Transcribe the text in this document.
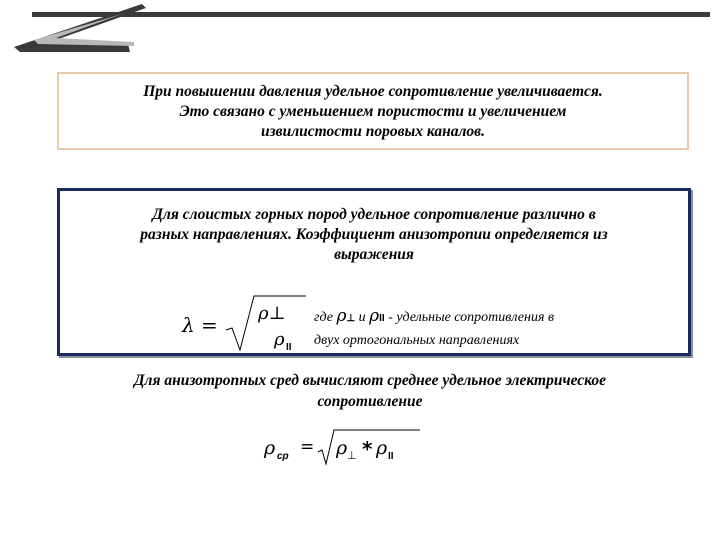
При повышении давления удельное сопротивление увеличивается.
Это связано с уменьшением пористости и увеличением
извилистости поровых каналов.
Для слоистых горных пород удельное сопротивление различно в
разных направлениях. Коэффициент анизотропии определяется из
выражения
λ = ρ⊥
ρ II
где ρ⊥ и ρII - удельные сопротивления в
двух ортогональных направлениях
Для анизотропных сред вычисляют среднее удельное электрическое
сопротивление
ρ ср = ρ ⊥ * ρ II
